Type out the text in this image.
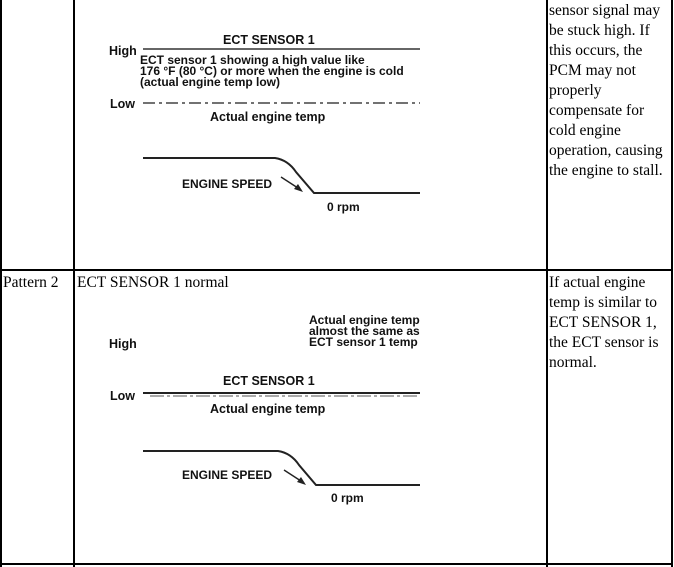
ECT SENSOR 1
High
ECT sensor 1 showing a high value like
176 °F (80 °C) or more when the engine is cold
(actual engine temp low)
Low
Actual engine temp
ENGINE SPEED
0 rpm
sensor signal may
be stuck high. If
this occurs, the
PCM may not
properly
compensate for
cold engine
operation, causing
the engine to stall.
Pattern 2 ECT SENSOR 1 normal
Actual engine temp
almost the same as
ECT sensor 1 temp
High
ECT SENSOR 1
Low
Actual engine temp
ENGINE SPEED
0 rpm
If actual engine
temp is similar to
ECT SENSOR 1,
the ECT sensor is
normal.
